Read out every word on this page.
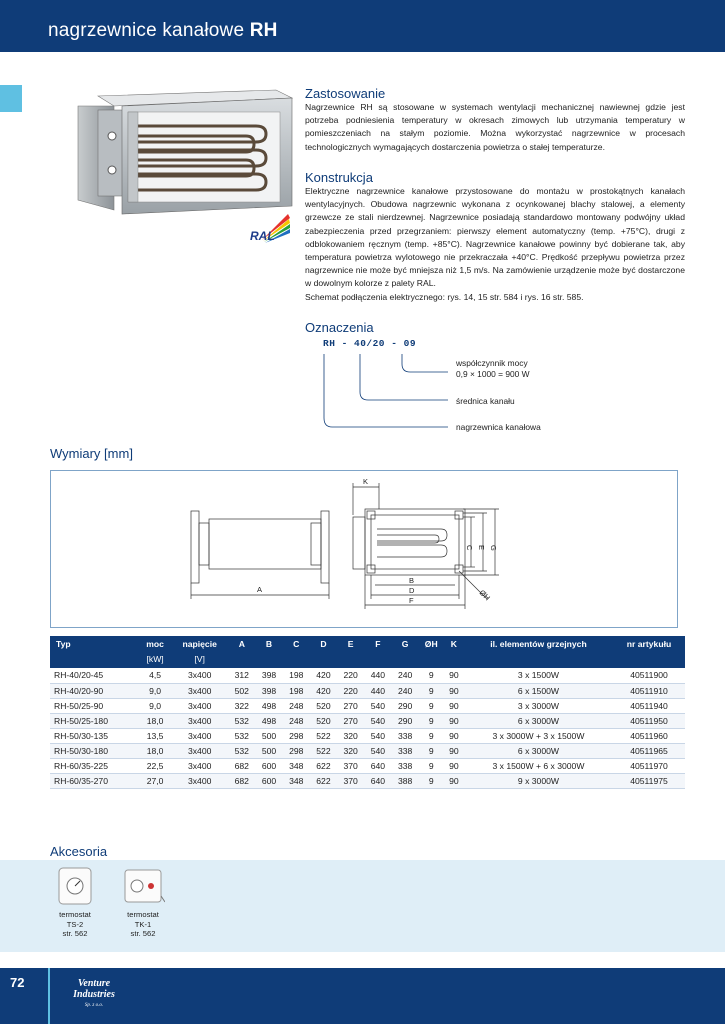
nagrzewnice kanałowe RH
RAL
Zastosowanie
Nagrzewnice RH są stosowane w systemach wentylacji mechanicznej nawiewnej gdzie jest potrzeba podniesienia temperatury w okresach zimowych lub utrzymania temperatury w pomieszczeniach na stałym poziomie. Można wykorzystać nagrzewnice w procesach technologicznych wymagających dostarczenia powietrza o stałej temperaturze.
Konstrukcja
Elektryczne nagrzewnice kanałowe przystosowane do montażu w prostokątnych kanałach wentylacyjnych. Obudowa nagrzewnic wykonana z ocynkowanej blachy stalowej, a elementy grzewcze ze stali nierdzewnej. Nagrzewnice posiadają standardowo montowany podwójny układ zabezpieczenia przed przegrzaniem: pierwszy element automatyczny (temp. +75°C), drugi z odblokowaniem ręcznym (temp. +85°C). Nagrzewnice kanałowe powinny być dobierane tak, aby temperatura powietrza wylotowego nie przekraczała +40°C. Prędkość przepływu powietrza przez nagrzewnice nie może być mniejsza niż 1,5 m/s. Na zamówienie urządzenie może być dostarczone w dowolnym kolorze z palety RAL.
Schemat podłączenia elektrycznego: rys. 14, 15 str. 584 i rys. 16 str. 585.
Oznaczenia
RH - 40/20 - 09
współczynnik mocy
0,9 × 1000 = 900 W
średnica kanału
nagrzewnica kanałowa
Wymiary [mm]
A
K
B
D
F
C E G
ØH
Typ	moc	napięcie	A	B	C	D	E	F	G	ØH	K	il. elementów grzejnych	nr artykułu
	[kW]	[V]											
RH-40/20-45	4,5	3x400	312	398	198	420	220	440	240	9	90	3 x 1500W	40511900
RH-40/20-90	9,0	3x400	502	398	198	420	220	440	240	9	90	6 x 1500W	40511910
RH-50/25-90	9,0	3x400	322	498	248	520	270	540	290	9	90	3 x 3000W	40511940
RH-50/25-180	18,0	3x400	532	498	248	520	270	540	290	9	90	6 x 3000W	40511950
RH-50/30-135	13,5	3x400	532	500	298	522	320	540	338	9	90	3 x 3000W + 3 x 1500W	40511960
RH-50/30-180	18,0	3x400	532	500	298	522	320	540	338	9	90	6 x 3000W	40511965
RH-60/35-225	22,5	3x400	682	600	348	622	370	640	338	9	90	3 x 1500W + 6 x 3000W	40511970
RH-60/35-270	27,0	3x400	682	600	348	622	370	640	388	9	90	9 x 3000W	40511975
Akcesoria
termostat
TS-2
str. 562
termostat
TK-1
str. 562
72	Venture
Industries
Sp. z o.o.
